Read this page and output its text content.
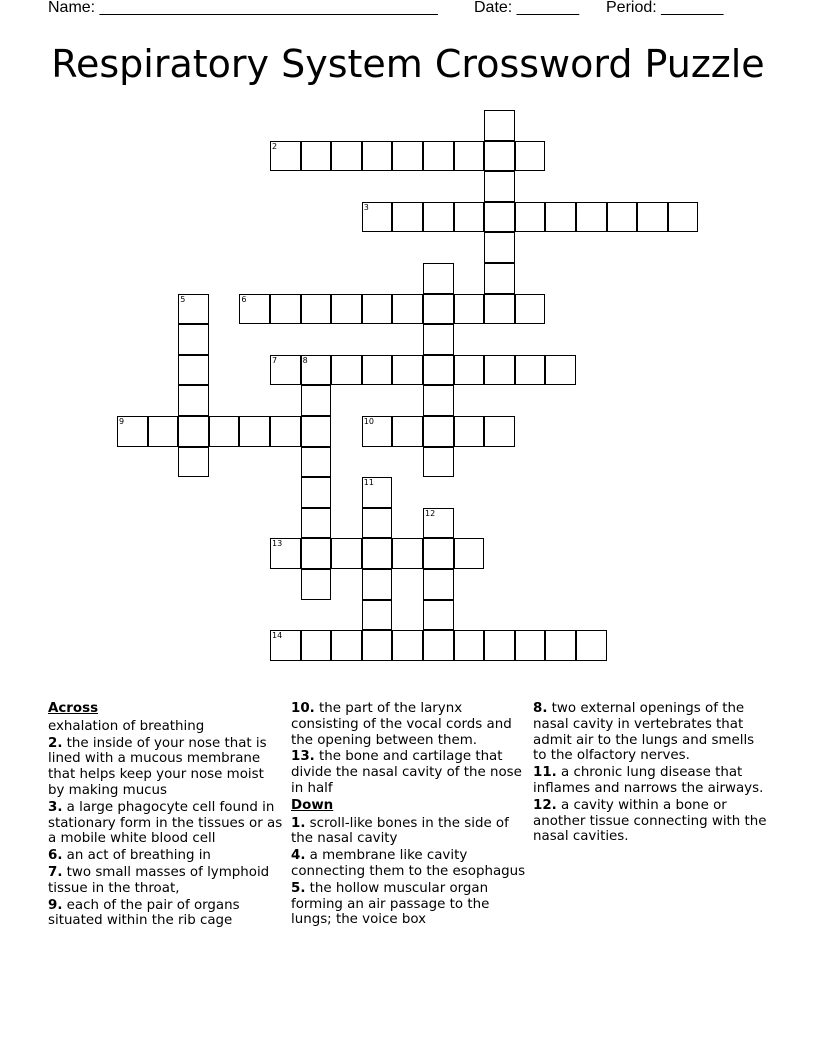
Name: ______________________________________ Date: _______ Period: _______
Respiratory System Crossword Puzzle
2
3
5	6
7	8
9	10
11
12
13
14
Across
exhalation of breathing
2. the inside of your nose that is lined with a mucous membrane that helps keep your nose moist by making mucus
3. a large phagocyte cell found in stationary form in the tissues or as a mobile white blood cell
6. an act of breathing in
7. two small masses of lymphoid tissue in the throat,
9. each of the pair of organs situated within the rib cage
10. the part of the larynx consisting of the vocal cords and the opening between them.
13. the bone and cartilage that divide the nasal cavity of the nose in half
Down
1. scroll-like bones in the side of the nasal cavity
4. a membrane like cavity connecting them to the esophagus
5. the hollow muscular organ forming an air passage to the lungs; the voice box
8. two external openings of the nasal cavity in vertebrates that admit air to the lungs and smells to the olfactory nerves.
11. a chronic lung disease that inflames and narrows the airways.
12. a cavity within a bone or another tissue connecting with the nasal cavities.
